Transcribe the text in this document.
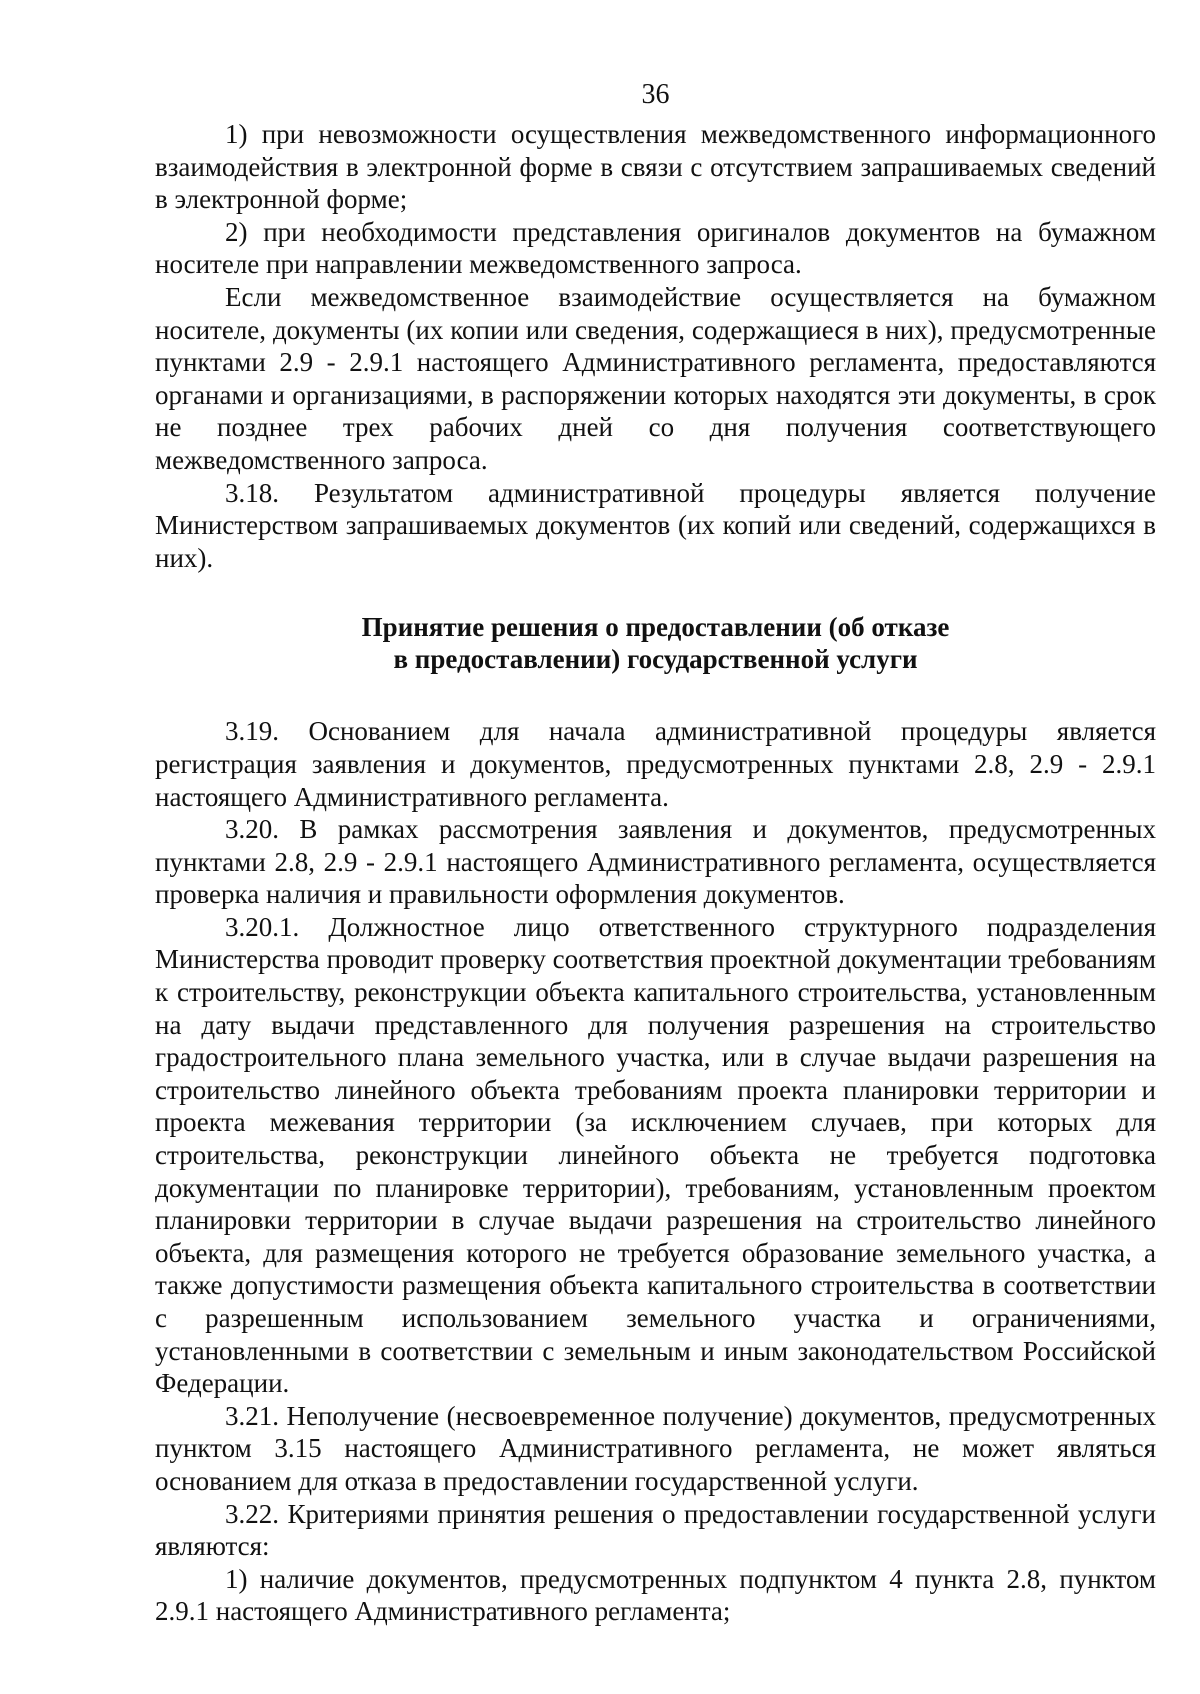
36

1) при невозможности осуществления межведомственного информационного взаимодействия в электронной форме в связи с отсутствием запрашиваемых сведений в электронной форме;

2) при необходимости представления оригиналов документов на бумажном носителе при направлении межведомственного запроса.

Если межведомственное взаимодействие осуществляется на бумажном носителе, документы (их копии или сведения, содержащиеся в них), предусмотренные пунктами 2.9 - 2.9.1 настоящего Административного регламента, предоставляются органами и организациями, в распоряжении которых находятся эти документы, в срок не позднее трех рабочих дней со дня получения соответствующего межведомственного запроса.

3.18. Результатом административной процедуры является получение Министерством запрашиваемых документов (их копий или сведений, содержащихся в них).

Принятие решения о предоставлении (об отказе
в предоставлении) государственной услуги

3.19. Основанием для начала административной процедуры является регистрация заявления и документов, предусмотренных пунктами 2.8, 2.9 - 2.9.1 настоящего Административного регламента.

3.20. В рамках рассмотрения заявления и документов, предусмотренных пунктами 2.8, 2.9 - 2.9.1 настоящего Административного регламента, осуществляется проверка наличия и правильности оформления документов.

3.20.1. Должностное лицо ответственного структурного подразделения Министерства проводит проверку соответствия проектной документации требованиям к строительству, реконструкции объекта капитального строительства, установленным на дату выдачи представленного для получения разрешения на строительство градостроительного плана земельного участка, или в случае выдачи разрешения на строительство линейного объекта требованиям проекта планировки территории и проекта межевания территории (за исключением случаев, при которых для строительства, реконструкции линейного объекта не требуется подготовка документации по планировке территории), требованиям, установленным проектом планировки территории в случае выдачи разрешения на строительство линейного объекта, для размещения которого не требуется образование земельного участка, а также допустимости размещения объекта капитального строительства в соответствии с разрешенным использованием земельного участка и ограничениями, установленными в соответствии с земельным и иным законодательством Российской Федерации.

3.21. Неполучение (несвоевременное получение) документов, предусмотренных пунктом 3.15 настоящего Административного регламента, не может являться основанием для отказа в предоставлении государственной услуги.

3.22. Критериями принятия решения о предоставлении государственной услуги являются:

1) наличие документов, предусмотренных подпунктом 4 пункта 2.8, пунктом 2.9.1 настоящего Административного регламента;
